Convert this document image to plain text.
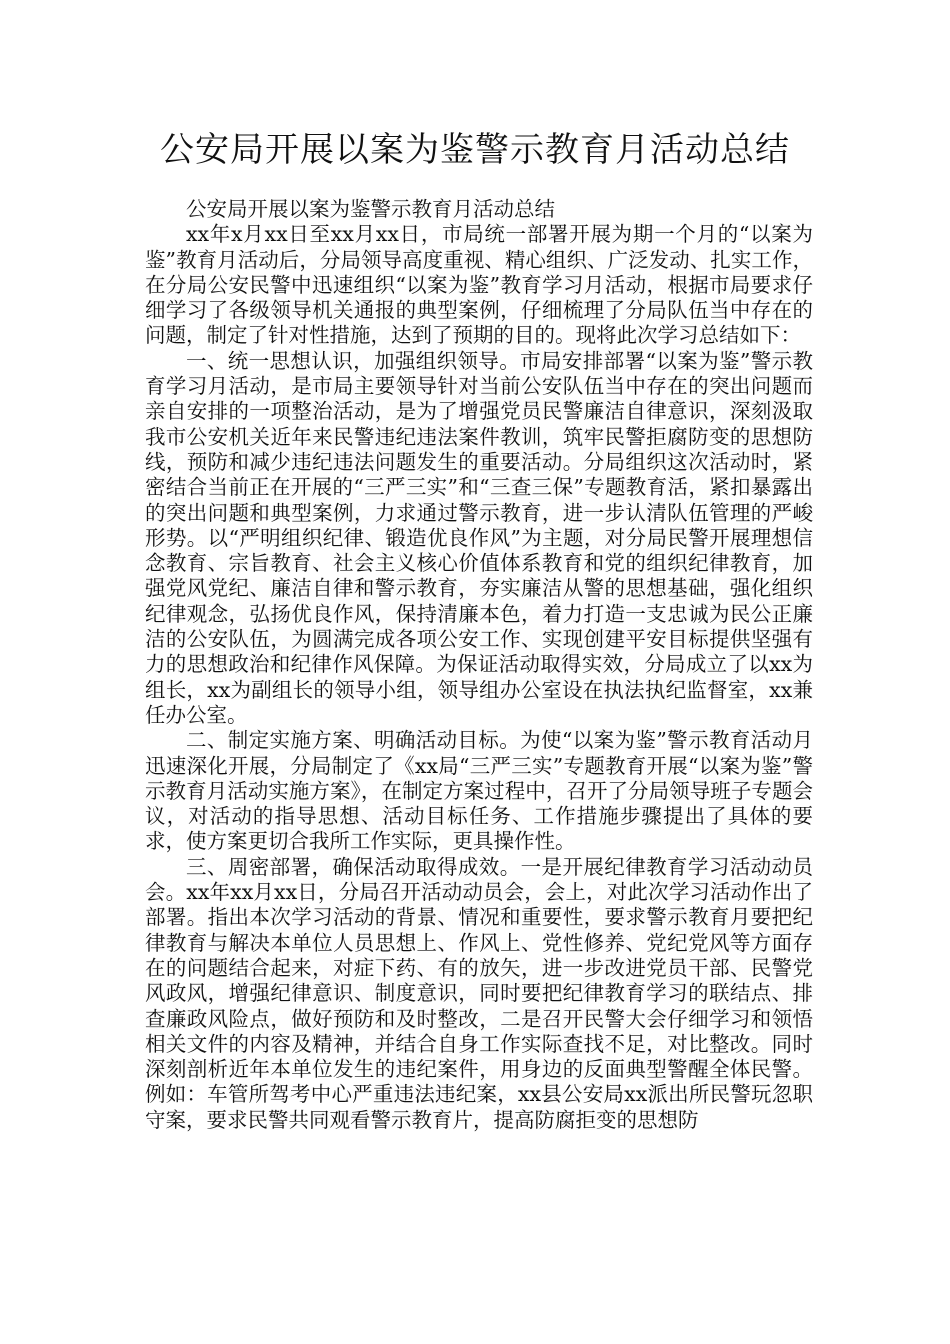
公安局开展以案为鉴警示教育月活动总结

公安局开展以案为鉴警示教育月活动总结

xx年x月xx日至xx月xx日，市局统一部署开展为期一个月的“以案为鉴”教育月活动后，分局领导高度重视、精心组织、广泛发动、扎实工作，在分局公安民警中迅速组织“以案为鉴”教育学习月活动，根据市局要求仔细学习了各级领导机关通报的典型案例，仔细梳理了分局队伍当中存在的问题，制定了针对性措施，达到了预期的目的。现将此次学习总结如下：

一、统一思想认识，加强组织领导。市局安排部署“以案为鉴”警示教育学习月活动，是市局主要领导针对当前公安队伍当中存在的突出问题而亲自安排的一项整治活动，是为了增强党员民警廉洁自律意识，深刻汲取我市公安机关近年来民警违纪违法案件教训，筑牢民警拒腐防变的思想防线，预防和减少违纪违法问题发生的重要活动。分局组织这次活动时，紧密结合当前正在开展的“三严三实”和“三查三保”专题教育活，紧扣暴露出的突出问题和典型案例，力求通过警示教育，进一步认清队伍管理的严峻形势。以“严明组织纪律、锻造优良作风”为主题，对分局民警开展理想信念教育、宗旨教育、社会主义核心价值体系教育和党的组织纪律教育，加强党风党纪、廉洁自律和警示教育，夯实廉洁从警的思想基础，强化组织纪律观念，弘扬优良作风，保持清廉本色，着力打造一支忠诚为民公正廉洁的公安队伍，为圆满完成各项公安工作、实现创建平安目标提供坚强有力的思想政治和纪律作风保障。为保证活动取得实效，分局成立了以xx为组长，xx为副组长的领导小组，领导组办公室设在执法执纪监督室，xx兼任办公室。

二、制定实施方案、明确活动目标。为使“以案为鉴”警示教育活动月迅速深化开展，分局制定了《xx局“三严三实”专题教育开展“以案为鉴”警示教育月活动实施方案》，在制定方案过程中，召开了分局领导班子专题会议，对活动的指导思想、活动目标任务、工作措施步骤提出了具体的要求，使方案更切合我所工作实际，更具操作性。

三、周密部署，确保活动取得成效。一是开展纪律教育学习活动动员会。xx年xx月xx日，分局召开活动动员会，会上，对此次学习活动作出了部署。指出本次学习活动的背景、情况和重要性，要求警示教育月要把纪律教育与解决本单位人员思想上、作风上、党性修养、党纪党风等方面存在的问题结合起来，对症下药、有的放矢，进一步改进党员干部、民警党风政风，增强纪律意识、制度意识，同时要把纪律教育学习的联结点、排查廉政风险点，做好预防和及时整改，二是召开民警大会仔细学习和领悟相关文件的内容及精神，并结合自身工作实际查找不足，对比整改。同时深刻剖析近年本单位发生的违纪案件，用身边的反面典型警醒全体民警。例如：车管所驾考中心严重违法违纪案，xx县公安局xx派出所民警玩忽职守案，要求民警共同观看警示教育片，提高防腐拒变的思想防
